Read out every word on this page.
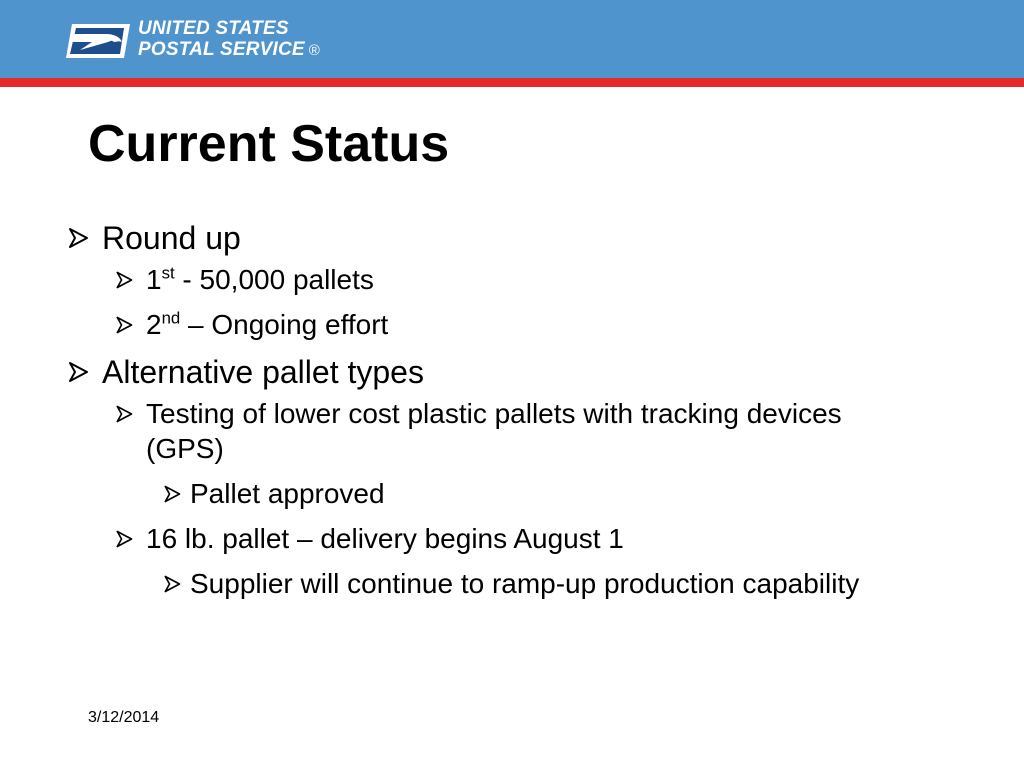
UNITED STATES
POSTAL SERVICE ®
Current Status
Round up
1st - 50,000 pallets
2nd – Ongoing effort
Alternative pallet types
Testing of lower cost plastic pallets with tracking devices (GPS)
Pallet approved
16 lb. pallet – delivery begins August 1
Supplier will continue to ramp-up production capability
3/12/2014
